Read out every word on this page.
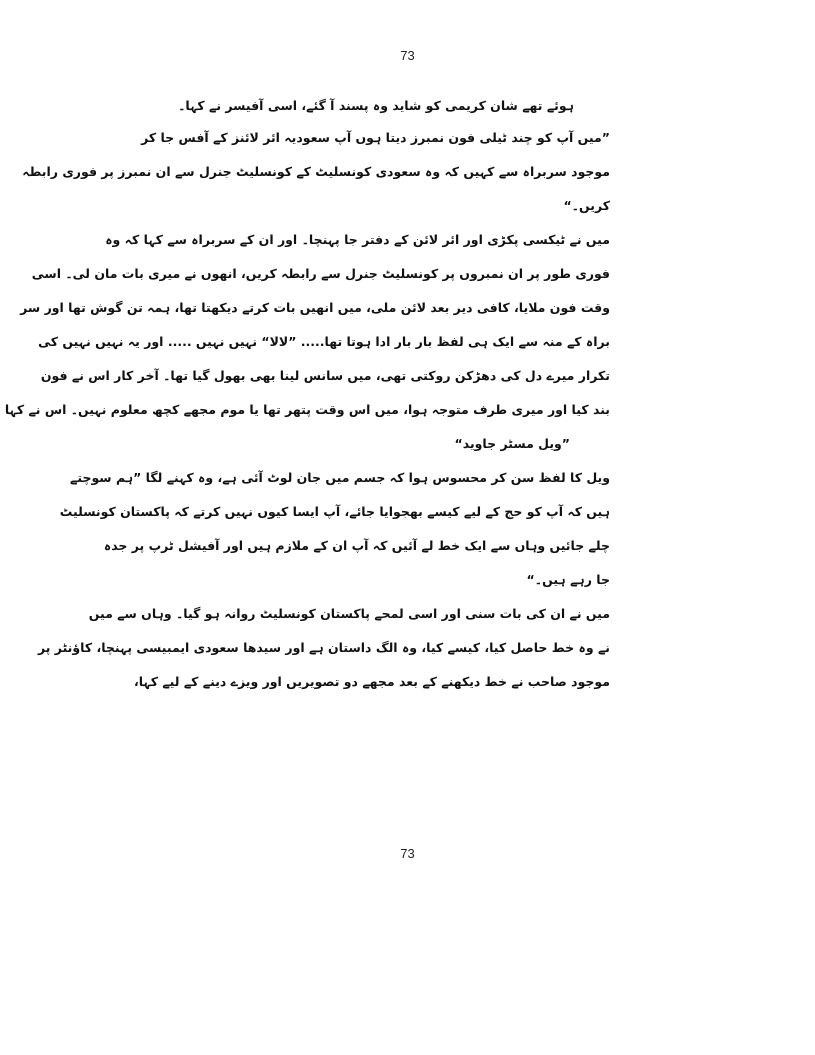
73
ہوئے تھے شان کریمی کو شاید وہ پسند آ گئے، اسی آفیسر نے کہا۔
”میں آپ کو چند ٹیلی فون نمبرز دیتا ہوں آپ سعودیہ ائر لائنز کے آفس جا کر
موجود سربراہ سے کہیں کہ وہ سعودی کونسلیٹ کے کونسلیٹ جنرل سے ان نمبرز پر فوری رابطہ
کریں۔“
میں نے ٹیکسی پکڑی اور ائر لائن کے دفتر جا پہنچا۔ اور ان کے سربراہ سے کہا کہ وہ
فوری طور پر ان نمبروں پر کونسلیٹ جنرل سے رابطہ کریں، انھوں نے میری بات مان لی۔ اسی
وقت فون ملایا، کافی دیر بعد لائن ملی، میں انھیں بات کرتے دیکھتا تھا، ہمہ تن گوش تھا اور سر
براہ کے منہ سے ایک ہی لفظ بار بار ادا ہوتا تھا..... ”لالا“ نہیں نہیں ..... اور یہ نہیں نہیں کی
تکرار میرے دل کی دھڑکن روکتی تھی، میں سانس لینا بھی بھول گیا تھا۔ آخر کار اس نے فون
بند کیا اور میری طرف متوجہ ہوا، میں اس وقت پتھر تھا یا موم مجھے کچھ معلوم نہیں۔ اس نے کہا
”ویل مسٹر جاوید“
ویل کا لفظ سن کر محسوس ہوا کہ جسم میں جان لوٹ آئی ہے، وہ کہنے لگا ”ہم سوچتے
ہیں کہ آپ کو حج کے لیے کیسے بھجوایا جائے، آپ ایسا کیوں نہیں کرتے کہ پاکستان کونسلیٹ
چلے جائیں وہاں سے ایک خط لے آئیں کہ آپ ان کے ملازم ہیں اور آفیشل ٹرپ پر جدہ
جا رہے ہیں۔“
میں نے ان کی بات سنی اور اسی لمحے پاکستان کونسلیٹ روانہ ہو گیا۔ وہاں سے میں
نے وہ خط حاصل کیا، کیسے کیا، وہ الگ داستان ہے اور سیدھا سعودی ایمبیسی پہنچا، کاؤنٹر پر
موجود صاحب نے خط دیکھنے کے بعد مجھے دو تصویریں اور ویزے دینے کے لیے کہا،
73
